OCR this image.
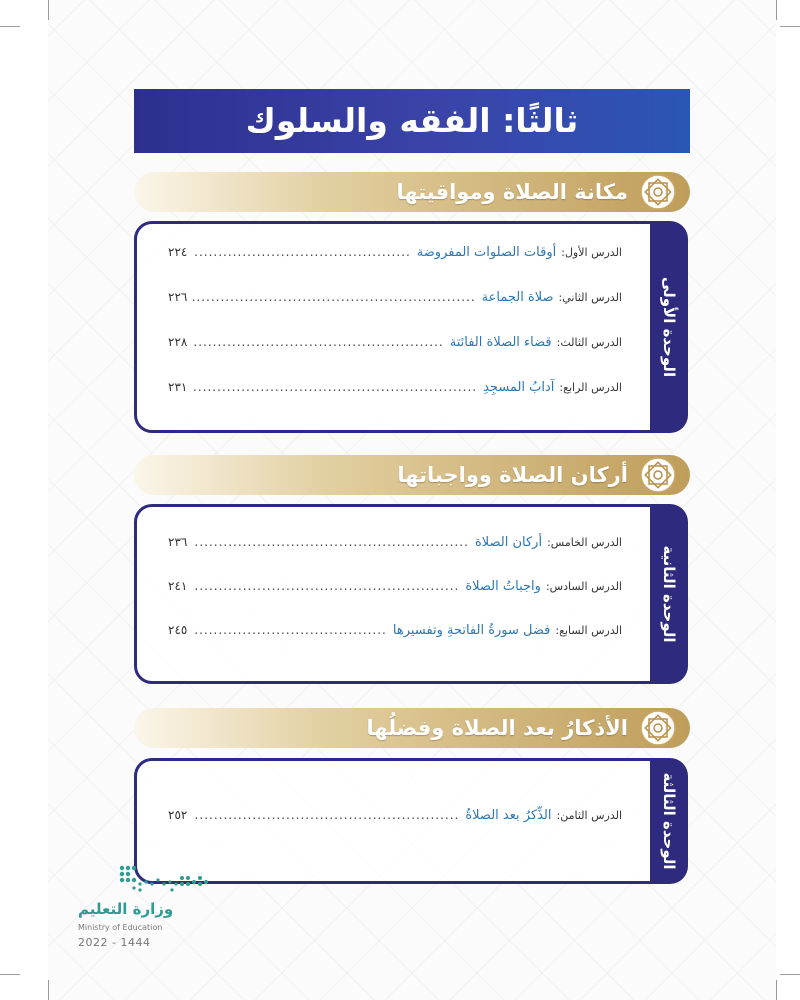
ثالثًا: الفقه والسلوك
مكانة الصلاة ومواقيتها
الوحدة الأولى
الدرس الأول
:
أوقات الصلوات المفروضة
.....
٢٢٤
الدرس الثاني
:
صلاة الجماعة
.....
٢٢٦
الدرس الثالث
:
قضاء الصلاة الفائتة
.....
٢٢٨
الدرس الرابع
:
آدابُ المسجِدِ
.....
٢٣١
أركان الصلاة وواجباتها
الوحدة الثانية
الدرس الخامس
:
أركان الصلاة
.....
٢٣٦
الدرس السادس
:
واجباتُ الصلاة
.....
٢٤١
الدرس السابع
:
فضل سورةُ الفاتحةِ وتفسيرها
.....
٢٤٥
الأذكارُ بعد الصلاة وفضلُها
الوحدة الثالثة
الدرس الثامن
:
الذِّكرُ بعد الصلاةُ
.....
٢٥٢
وزارة التعليم
Ministry of Education
2022 - 1444
